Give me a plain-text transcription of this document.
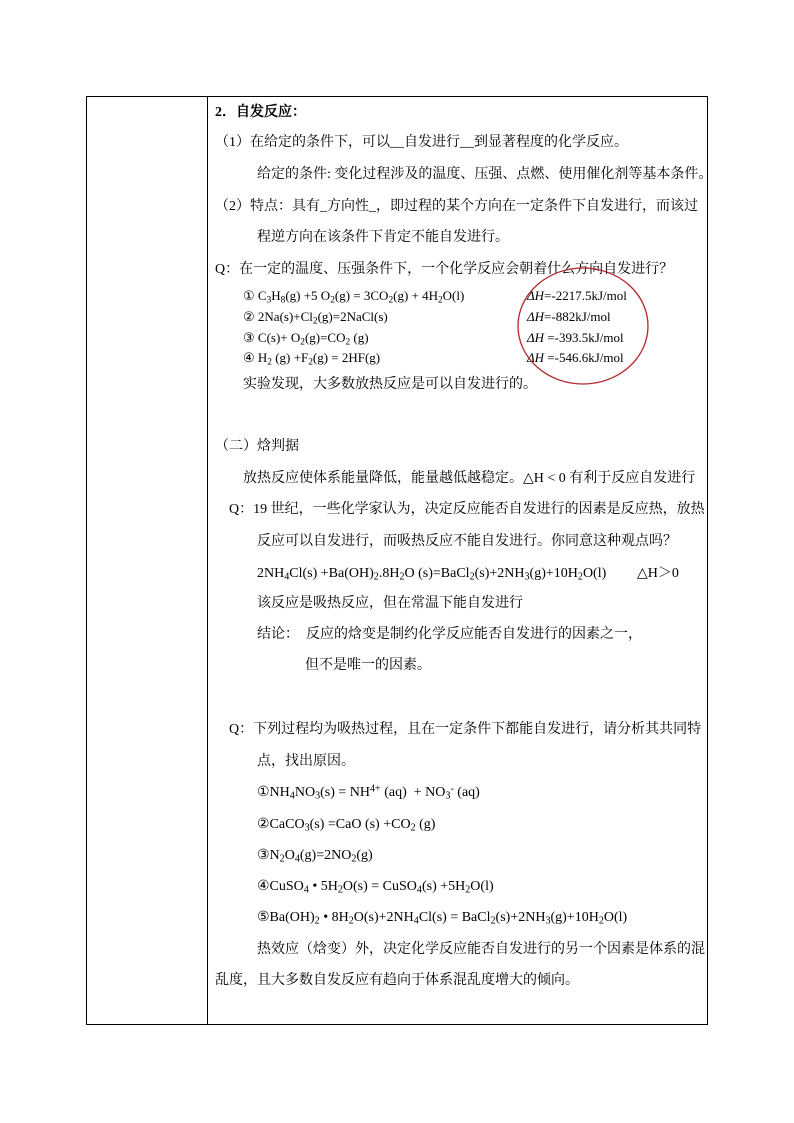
2．自发反应：
（1）在给定的条件下，可以__自发进行__到显著程度的化学反应。
给定的条件: 变化过程涉及的温度、压强、点燃、使用催化剂等基本条件。
（2）特点：具有_方向性_，即过程的某个方向在一定条件下自发进行，而该过
程逆方向在该条件下肯定不能自发进行。
Q：在一定的温度、压强条件下，一个化学反应会朝着什么方向自发进行？
① $C_3H_8(g) +5$ $O_2(g) = 3CO_2(g) + 4H_2O(l)$	ΔH=-2217.5kJ/mol
② $2Na(s)+Cl_2(g)=2NaCl(s)$	ΔH=-882kJ/mol
③ $C(s)+ O_2(g)=CO_2$ (g)	ΔH =-393.5kJ/mol
④ $H_2$ $(g) +F_2(g) = 2HF(g)$	ΔH =-546.6kJ/mol
实验发现，大多数放热反应是可以自发进行的。
（二）焓判据
放热反应使体系能量降低，能量越低越稳定。△H < 0 有利于反应自发进行
Q：19 世纪，一些化学家认为，决定反应能否自发进行的因素是反应热，放热
反应可以自发进行，而吸热反应不能自发进行。你同意这种观点吗？
$2NH_4Cl(s) +Ba(OH)_2.8H_2O$ $(s)=BaCl_2(s)+2NH_3(g)+10H_2O(l)$ △H＞0
该反应是吸热反应，但在常温下能自发进行
结论：  反应的焓变是制约化学反应能否自发进行的因素之一，
但不是唯一的因素。
Q：下列过程均为吸热过程，且在一定条件下都能自发进行，请分析其共同特
点，找出原因。
$①NH_4NO_3(s) = NH^{4+}$ $(aq) + NO_3^-$ (aq)
②CaCO$_3$(s) =CaO $(s) +CO_2$ (g)
$③N_2O_4(g)=2NO_2(g)$
④CuSO$_4$ • $5H_2O(s)$ = CuSO$_4$(s) $+5H_2O(l)$
$⑤Ba(OH)_2$ • $8H_2O(s)+2NH_4Cl(s)$ = $BaCl_2(s)+2NH_3(g)+10H_2O(l)$
热效应（焓变）外，决定化学反应能否自发进行的另一个因素是体系的混
乱度，且大多数自发反应有趋向于体系混乱度增大的倾向。
